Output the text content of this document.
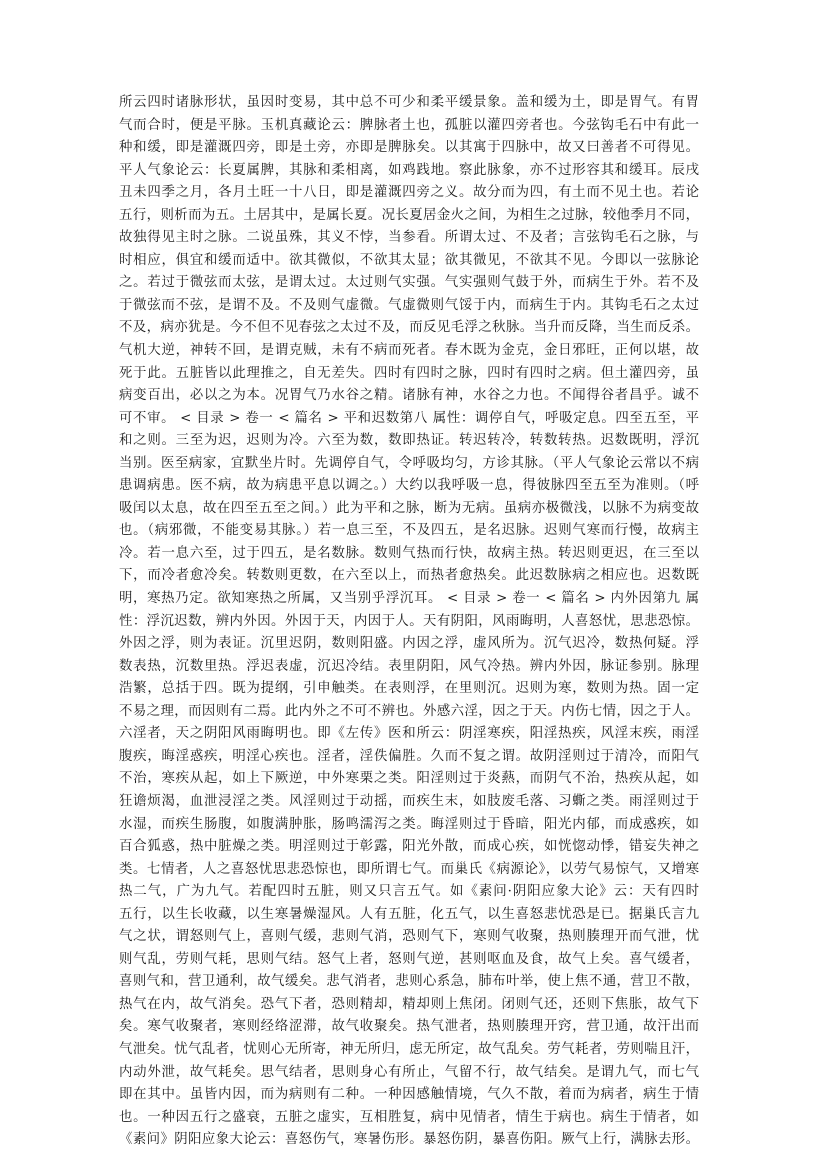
所云四时诸脉形状，虽因时变易，其中总不可少和柔平缓景象。盖和缓为土，即是胃气。有胃
气而合时，便是平脉。玉机真藏论云：脾脉者土也，孤脏以灌四旁者也。今弦钩毛石中有此一
种和缓，即是灌溉四旁，即是土旁，亦即是脾脉矣。以其寓于四脉中，故又曰善者不可得见。
平人气象论云：长夏属脾，其脉和柔相离，如鸡践地。察此脉象，亦不过形容其和缓耳。辰戌
丑未四季之月，各月土旺一十八日，即是灌溉四旁之义。故分而为四，有土而不见土也。若论
五行，则析而为五。土居其中，是属长夏。况长夏居金火之间，为相生之过脉，较他季月不同，
故独得见主时之脉。二说虽殊，其义不悖，当参看。所谓太过、不及者；言弦钩毛石之脉，与
时相应，俱宜和缓而适中。欲其微似，不欲其太显；欲其微见，不欲其不见。今即以一弦脉论
之。若过于微弦而太弦，是谓太过。太过则气实强。气实强则气鼓于外，而病生于外。若不及
于微弦而不弦，是谓不及。不及则气虚微。气虚微则气馁于内，而病生于内。其钩毛石之太过
不及，病亦犹是。今不但不见春弦之太过不及，而反见毛浮之秋脉。当升而反降，当生而反杀。
气机大逆，神转不回，是谓克贼，未有不病而死者。春木既为金克，金日邪旺，正何以堪，故
死于此。五脏皆以此理推之，自无差失。四时有四时之脉，四时有四时之病。但土灌四旁，虽
病变百出，必以之为本。况胃气乃水谷之精。诸脉有神，水谷之力也。不闻得谷者昌乎。诚不
可不审。 < 目录 > 卷一 < 篇名 > 平和迟数第八 属性：调停自气，呼吸定息。四至五至，平
和之则。三至为迟，迟则为冷。六至为数，数即热证。转迟转冷，转数转热。迟数既明，浮沉
当别。医至病家，宜默坐片时。先调停自气，令呼吸均匀，方诊其脉。（平人气象论云常以不病
患调病患。医不病，故为病患平息以调之。）大约以我呼吸一息，得彼脉四至五至为准则。（呼
吸闰以太息，故在四至五至之间。）此为平和之脉，断为无病。虽病亦极微浅，以脉不为病变故
也。（病邪微，不能变易其脉。）若一息三至，不及四五，是名迟脉。迟则气寒而行慢，故病主
冷。若一息六至，过于四五，是名数脉。数则气热而行快，故病主热。转迟则更迟，在三至以
下，而冷者愈冷矣。转数则更数，在六至以上，而热者愈热矣。此迟数脉病之相应也。迟数既
明，寒热乃定。欲知寒热之所属，又当别乎浮沉耳。 < 目录 > 卷一 < 篇名 > 内外因第九 属
性：浮沉迟数，辨内外因。外因于天，内因于人。天有阴阳，风雨晦明，人喜怒忧，思悲恐惊。
外因之浮，则为表证。沉里迟阴，数则阳盛。内因之浮，虚风所为。沉气迟冷，数热何疑。浮
数表热，沉数里热。浮迟表虚，沉迟冷结。表里阴阳，风气冷热。辨内外因，脉证参别。脉理
浩繁，总括于四。既为提纲，引申触类。在表则浮，在里则沉。迟则为寒，数则为热。固一定
不易之理，而因则有二焉。此内外之不可不辨也。外感六淫，因之于天。内伤七情，因之于人。
六淫者，天之阴阳风雨晦明也。即《左传》医和所云：阴淫寒疾，阳淫热疾，风淫末疾，雨淫
腹疾，晦淫惑疾，明淫心疾也。淫者，淫佚偏胜。久而不复之谓。故阴淫则过于清冷，而阳气
不治，寒疾从起，如上下厥逆，中外寒栗之类。阳淫则过于炎爇，而阴气不治，热疾从起，如
狂谵烦渴，血泄浸淫之类。风淫则过于动摇，而疾生末，如肢废毛落、习蟖之类。雨淫则过于
水湿，而疾生肠腹，如腹满肿胀，肠鸣濡泻之类。晦淫则过于昏暗，阳光内郁，而成惑疾，如
百合狐惑，热中脏燥之类。明淫则过于彰露，阳光外散，而成心疾，如恍惚动悸，错妄失神之
类。七情者，人之喜怒忧思悲恐惊也，即所谓七气。而巢氏《病源论》，以劳气易惊气，又增寒
热二气，广为九气。若配四时五脏，则又只言五气。如《素问·阴阳应象大论》云：天有四时
五行，以生长收藏，以生寒暑燥湿风。人有五脏，化五气，以生喜怒悲忧恐是已。据巢氏言九
气之状，谓怒则气上，喜则气缓，悲则气消，恐则气下，寒则气收聚，热则腠理开而气泄，忧
则气乱，劳则气耗，思则气结。怒气上者，怒则气逆，甚则呕血及食，故气上矣。喜气缓者，
喜则气和，营卫通利，故气缓矣。悲气消者，悲则心系急，肺布叶举，使上焦不通，营卫不散，
热气在内，故气消矣。恐气下者，恐则精却，精却则上焦闭。闭则气还，还则下焦胀，故气下
矣。寒气收聚者，寒则经络涩滞，故气收聚矣。热气泄者，热则腠理开窍，营卫通，故汗出而
气泄矣。忧气乱者，忧则心无所寄，神无所归，虑无所定，故气乱矣。劳气耗者，劳则喘且汗，
内动外泄，故气耗矣。思气结者，思则身心有所止，气留不行，故气结矣。是谓九气，而七气
即在其中。虽皆内因，而为病则有二种。一种因感触情境，气久不散，着而为病者，病生于情
也。一种因五行之盛衰，五脏之虚实，互相胜复，病中见情者，情生于病也。病生于情者，如
《素问》阴阳应象大论云：喜怒伤气，寒暑伤形。暴怒伤阴，暴喜伤阳。厥气上行，满脉去形。
